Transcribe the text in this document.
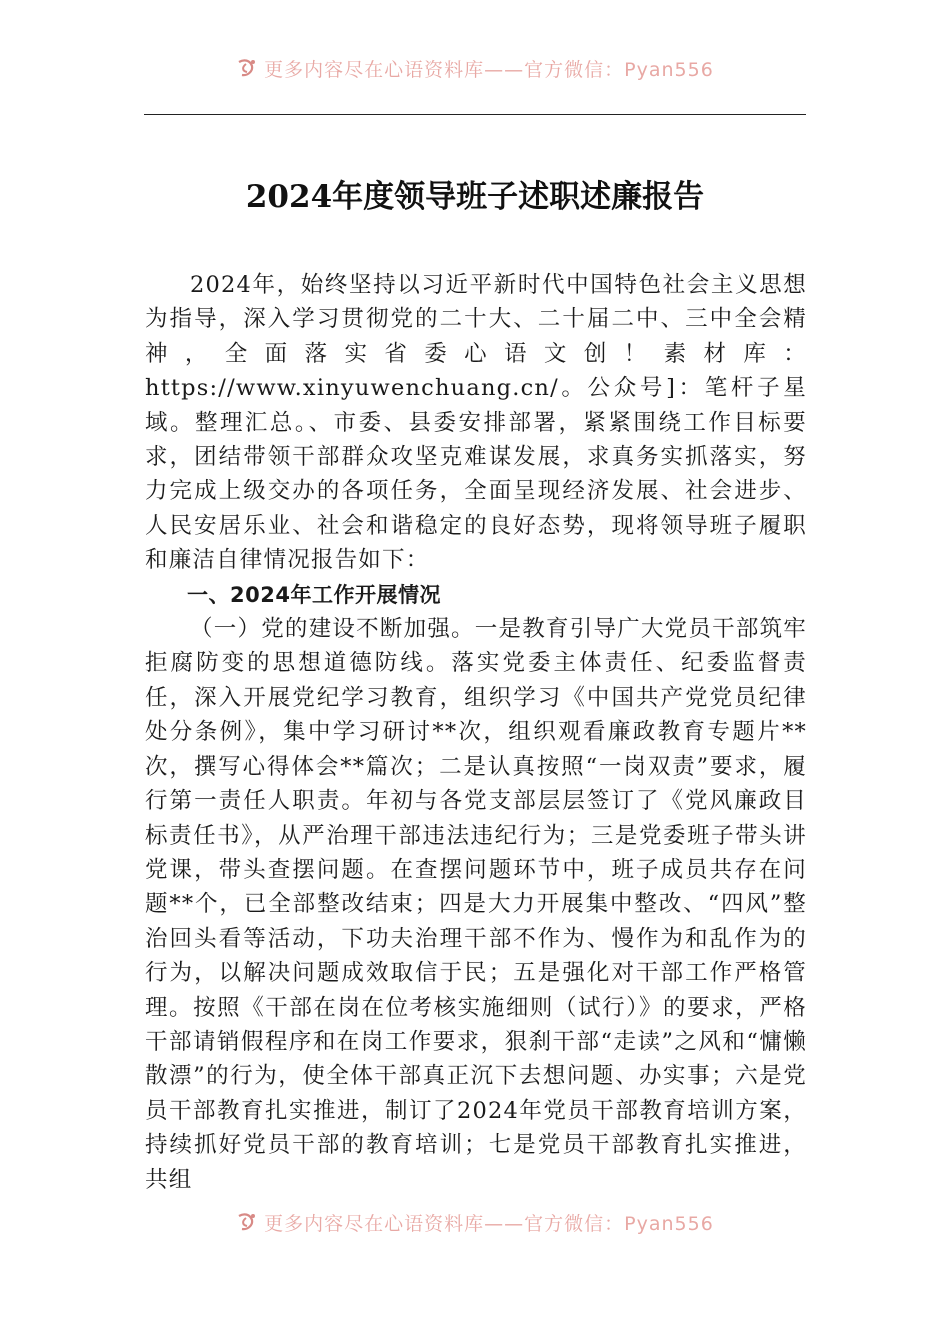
更多内容尽在心语资料库——官方微信：Pyan556
2024年度领导班子述职述廉报告

2024年，始终坚持以习近平新时代中国特色社会主义思想为指导，深入学习贯彻党的二十大、二十届二中、三中全会精神，全面落实省委心语文创！素材库：https://www.xinyuwenchuang.cn/。公众号]：笔杆子星域。整理汇总。、市委、县委安排部署，紧紧围绕工作目标要求，团结带领干部群众攻坚克难谋发展，求真务实抓落实，努力完成上级交办的各项任务，全面呈现经济发展、社会进步、人民安居乐业、社会和谐稳定的良好态势，现将领导班子履职和廉洁自律情况报告如下：

一、2024年工作开展情况

（一）党的建设不断加强。一是教育引导广大党员干部筑牢拒腐防变的思想道德防线。落实党委主体责任、纪委监督责任，深入开展党纪学习教育，组织学习《中国共产党党员纪律处分条例》，集中学习研讨**次，组织观看廉政教育专题片**次，撰写心得体会**篇次；二是认真按照“一岗双责”要求，履行第一责任人职责。年初与各党支部层层签订了《党风廉政目标责任书》，从严治理干部违法违纪行为；三是党委班子带头讲党课，带头查摆问题。在查摆问题环节中，班子成员共存在问题**个，已全部整改结束；四是大力开展集中整改、“四风”整治回头看等活动，下功夫治理干部不作为、慢作为和乱作为的行为，以解决问题成效取信于民；五是强化对干部工作严格管理。按照《干部在岗在位考核实施细则（试行）》的要求，严格干部请销假程序和在岗工作要求，狠刹干部“走读”之风和“慵懒散漂”的行为，使全体干部真正沉下去想问题、办实事；六是党员干部教育扎实推进，制订了2024年党员干部教育培训方案，持续抓好党员干部的教育培训；七是党员干部教育扎实推进，共组

更多内容尽在心语资料库——官方微信：Pyan556
